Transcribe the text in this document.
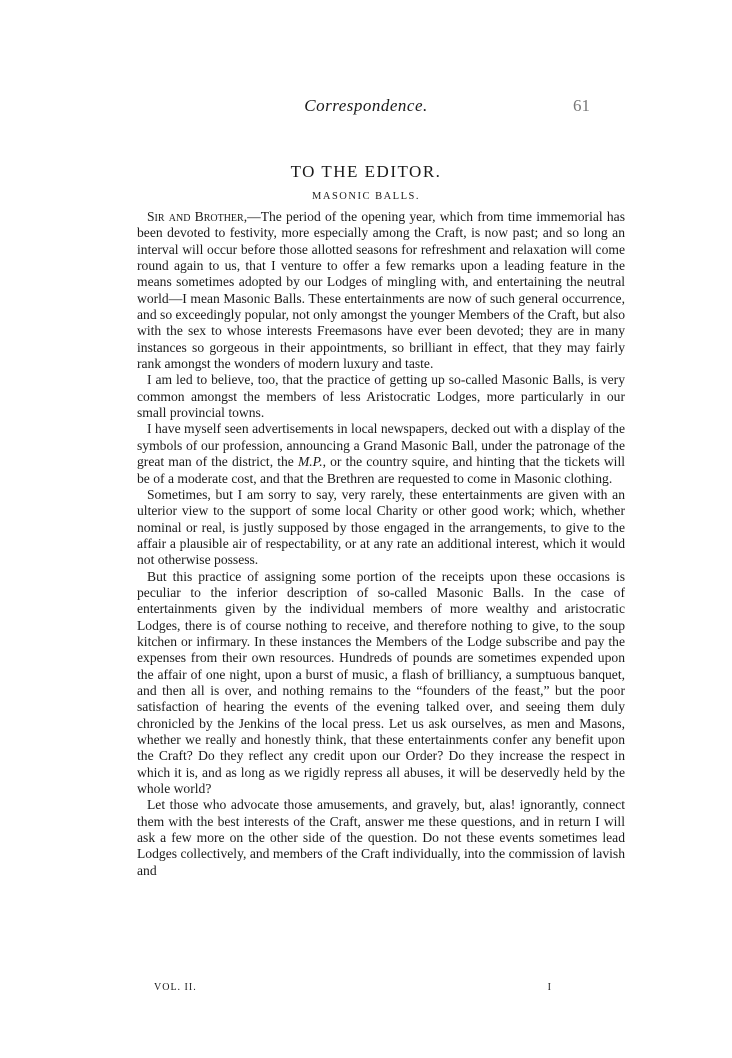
Correspondence.	61
TO THE EDITOR.
MASONIC BALLS.

Sir and Brother,—The period of the opening year, which from time immemorial has been devoted to festivity, more especially among the Craft, is now past; and so long an interval will occur before those allotted seasons for refreshment and relaxation will come round again to us, that I venture to offer a few remarks upon a leading feature in the means sometimes adopted by our Lodges of mingling with, and entertaining the neutral world—I mean Masonic Balls. These entertainments are now of such general occurrence, and so exceedingly popular, not only amongst the younger Members of the Craft, but also with the sex to whose interests Freemasons have ever been devoted; they are in many instances so gorgeous in their appointments, so brilliant in effect, that they may fairly rank amongst the wonders of modern luxury and taste.

I am led to believe, too, that the practice of getting up so-called Masonic Balls, is very common amongst the members of less Aristocratic Lodges, more particularly in our small provincial towns.

I have myself seen advertisements in local newspapers, decked out with a display of the symbols of our profession, announcing a Grand Masonic Ball, under the patronage of the great man of the district, the M.P., or the country squire, and hinting that the tickets will be of a moderate cost, and that the Brethren are requested to come in Masonic clothing.

Sometimes, but I am sorry to say, very rarely, these entertainments are given with an ulterior view to the support of some local Charity or other good work; which, whether nominal or real, is justly supposed by those engaged in the arrangements, to give to the affair a plausible air of respectability, or at any rate an additional interest, which it would not otherwise possess.

But this practice of assigning some portion of the receipts upon these occasions is peculiar to the inferior description of so-called Masonic Balls. In the case of entertainments given by the individual members of more wealthy and aristocratic Lodges, there is of course nothing to receive, and therefore nothing to give, to the soup kitchen or infirmary. In these instances the Members of the Lodge subscribe and pay the expenses from their own resources. Hundreds of pounds are sometimes expended upon the affair of one night, upon a burst of music, a flash of brilliancy, a sumptuous banquet, and then all is over, and nothing remains to the “founders of the feast,” but the poor satisfaction of hearing the events of the evening talked over, and seeing them duly chronicled by the Jenkins of the local press. Let us ask ourselves, as men and Masons, whether we really and honestly think, that these entertainments confer any benefit upon the Craft? Do they reflect any credit upon our Order? Do they increase the respect in which it is, and as long as we rigidly repress all abuses, it will be deservedly held by the whole world?

Let those who advocate those amusements, and gravely, but, alas! ignorantly, connect them with the best interests of the Craft, answer me these questions, and in return I will ask a few more on the other side of the question. Do not these events sometimes lead Lodges collectively, and members of the Craft individually, into the commission of lavish and

VOL. II.	I
